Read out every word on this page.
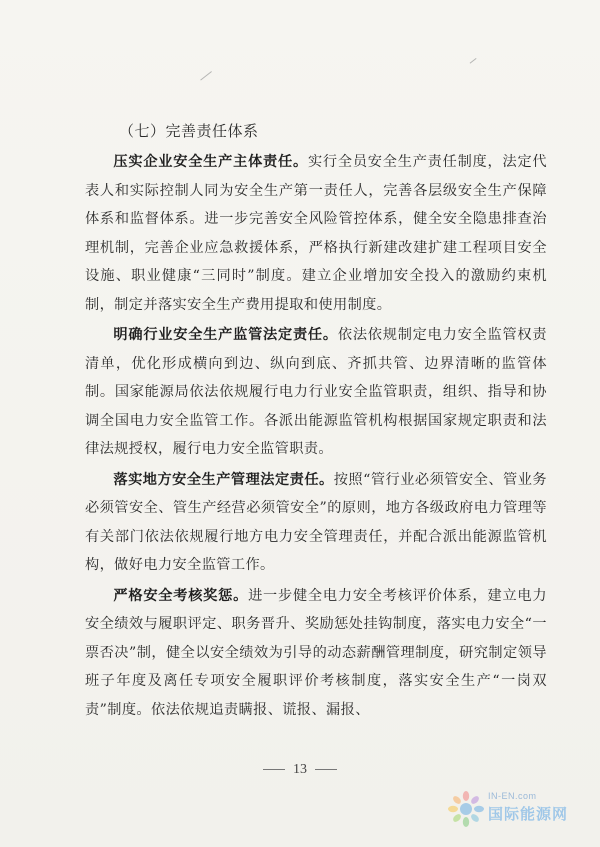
（七）完善责任体系

压实企业安全生产主体责任。实行全员安全生产责任制度，法定代表人和实际控制人同为安全生产第一责任人，完善各层级安全生产保障体系和监督体系。进一步完善安全风险管控体系，健全安全隐患排查治理机制，完善企业应急救援体系，严格执行新建改建扩建工程项目安全设施、职业健康“三同时”制度。建立企业增加安全投入的激励约束机制，制定并落实安全生产费用提取和使用制度。

明确行业安全生产监管法定责任。依法依规制定电力安全监管权责清单，优化形成横向到边、纵向到底、齐抓共管、边界清晰的监管体制。国家能源局依法依规履行电力行业安全监管职责，组织、指导和协调全国电力安全监管工作。各派出能源监管机构根据国家规定职责和法律法规授权，履行电力安全监管职责。

落实地方安全生产管理法定责任。按照“管行业必须管安全、管业务必须管安全、管生产经营必须管安全”的原则，地方各级政府电力管理等有关部门依法依规履行地方电力安全管理责任，并配合派出能源监管机构，做好电力安全监管工作。

严格安全考核奖惩。进一步健全电力安全考核评价体系，建立电力安全绩效与履职评定、职务晋升、奖励惩处挂钩制度，落实电力安全“一票否决”制，健全以安全绩效为引导的动态薪酬管理制度，研究制定领导班子年度及离任专项安全履职评价考核制度，落实安全生产“一岗双责”制度。依法依规追责瞒报、谎报、漏报、

13
IN-EN.com
国际能源网
